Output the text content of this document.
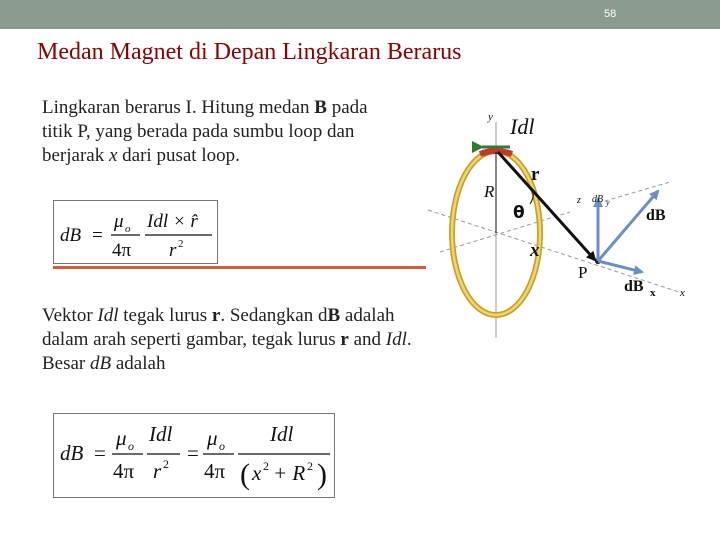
58
Medan Magnet di Depan Lingkaran Berarus
Lingkaran berarus I. Hitung medan B pada titik P, yang berada pada sumbu loop dan berjarak x dari pusat loop.
dB =
μ o
4π
Idl × r̂
r 2
Vektor Idl tegak lurus r. Sedangkan dB adalah dalam arah seperti gambar, tegak lurus r and Idl. Besar dB adalah
dB =
μ o
4π
Idl
r 2 =
μ o
4π
Idl
( x 2 + R 2 )
y
x
z
Idl
R
r
θ
x
P
dB y
dB
dB x
